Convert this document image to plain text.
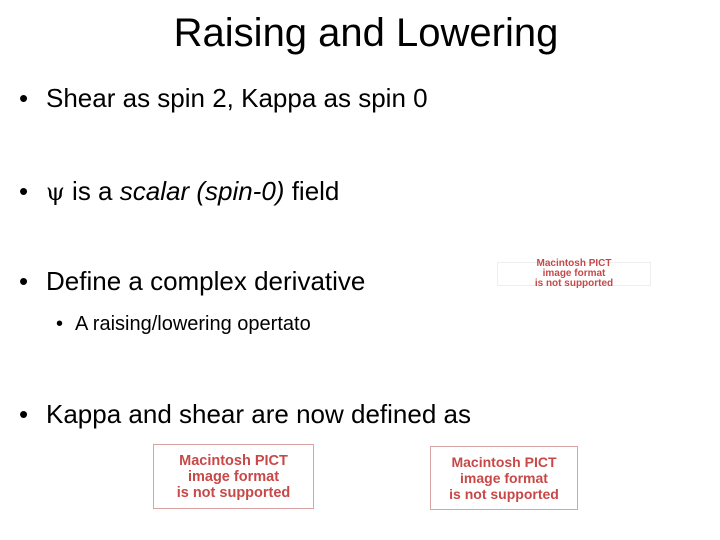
Raising and Lowering
• Shear as spin 2, Kappa as spin 0
• ψ is a scalar (spin-0) field
• Define a complex derivative
• A raising/lowering opertato
• Kappa and shear are now defined as
Macintosh PICT
image format
is not supported
Macintosh PICT
image format
is not supported
Macintosh PICT
image format
is not supported
